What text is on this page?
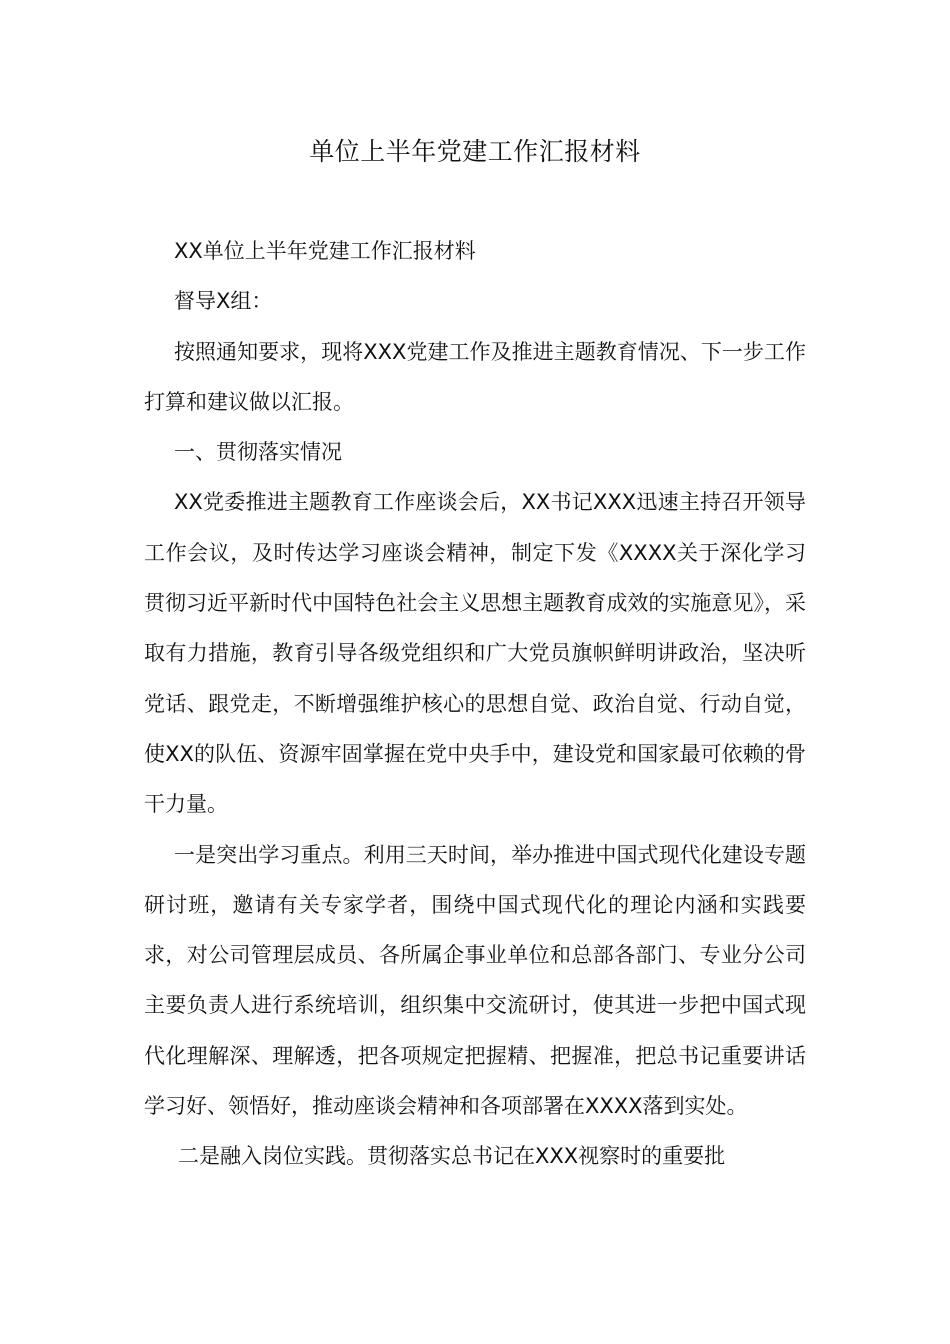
单位上半年党建工作汇报材料

XX单位上半年党建工作汇报材料

督导X组：

按照通知要求，现将XXX党建工作及推进主题教育情况、下一步工作打算和建议做以汇报。

一、贯彻落实情况

XX党委推进主题教育工作座谈会后，XX书记XXX迅速主持召开领导工作会议，及时传达学习座谈会精神，制定下发《XXXX关于深化学习贯彻习近平新时代中国特色社会主义思想主题教育成效的实施意见》，采取有力措施，教育引导各级党组织和广大党员旗帜鲜明讲政治，坚决听党话、跟党走，不断增强维护核心的思想自觉、政治自觉、行动自觉，使XX的队伍、资源牢固掌握在党中央手中，建设党和国家最可依赖的骨干力量。

一是突出学习重点。利用三天时间，举办推进中国式现代化建设专题研讨班，邀请有关专家学者，围绕中国式现代化的理论内涵和实践要求，对公司管理层成员、各所属企事业单位和总部各部门、专业分公司主要负责人进行系统培训，组织集中交流研讨，使其进一步把中国式现代化理解深、理解透，把各项规定把握精、把握准，把总书记重要讲话学习好、领悟好，推动座谈会精神和各项部署在XXXX落到实处。

二是融入岗位实践。贯彻落实总书记在XXX视察时的重要批
